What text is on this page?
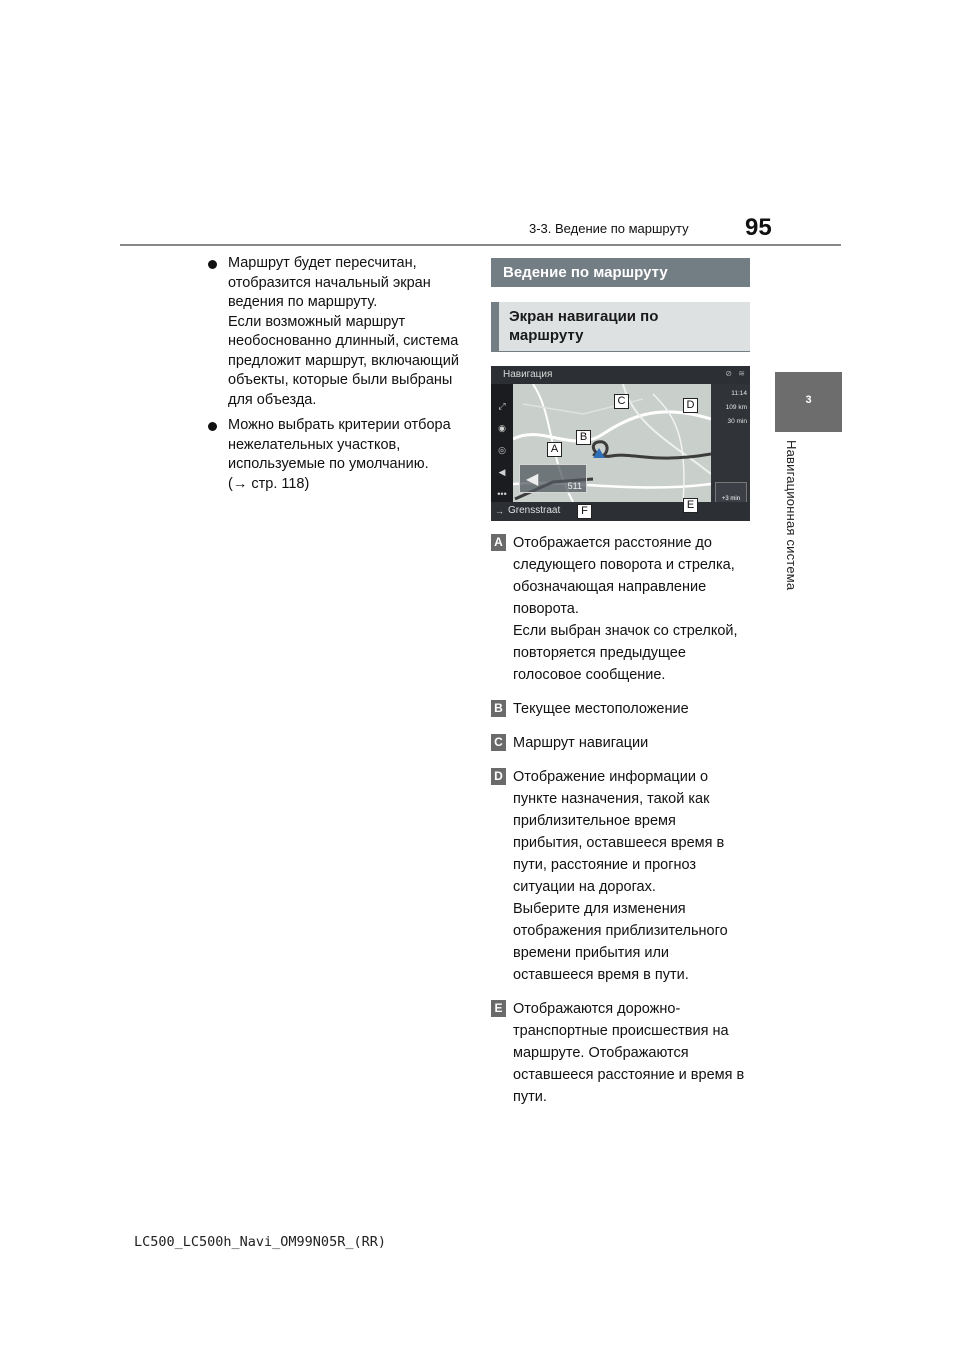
95
3-3. Ведение по маршруту
3
Навигационная система
Маршрут будет пересчитан,
отобразится начальный экран
ведения по маршруту.
Если возможный маршрут
необоснованно длинный, система
предложит маршрут, включающий
объекты, которые были выбраны
для объезда.
Можно выбрать критерии отбора
нежелательных участков,
используемые по умолчанию.
(→ стр. 118)
Ведение по маршруту
Экран навигации по
маршруту
Навигация	⊘ ≋
⤢
◉
◎
◀
•••
11:14
109 km
30 min
◀	511
+3 min
→ Grensstraat
A
B
C	D
E
F
A Отображается расстояние до
следующего поворота и стрелка,
обозначающая направление
поворота.
Если выбран значок со стрелкой,
повторяется предыдущее
голосовое сообщение.
B Текущее местоположение
C Маршрут навигации
D Отображение информации о
пункте назначения, такой как
приблизительное время
прибытия, оставшееся время в
пути, расстояние и прогноз
ситуации на дорогах.
Выберите для изменения
отображения приблизительного
времени прибытия или
оставшееся время в пути.
E Отображаются дорожно-
транспортные происшествия на
маршруте. Отображаются
оставшееся расстояние и время в
пути.
LC500_LC500h_Navi_OM99N05R_(RR)
